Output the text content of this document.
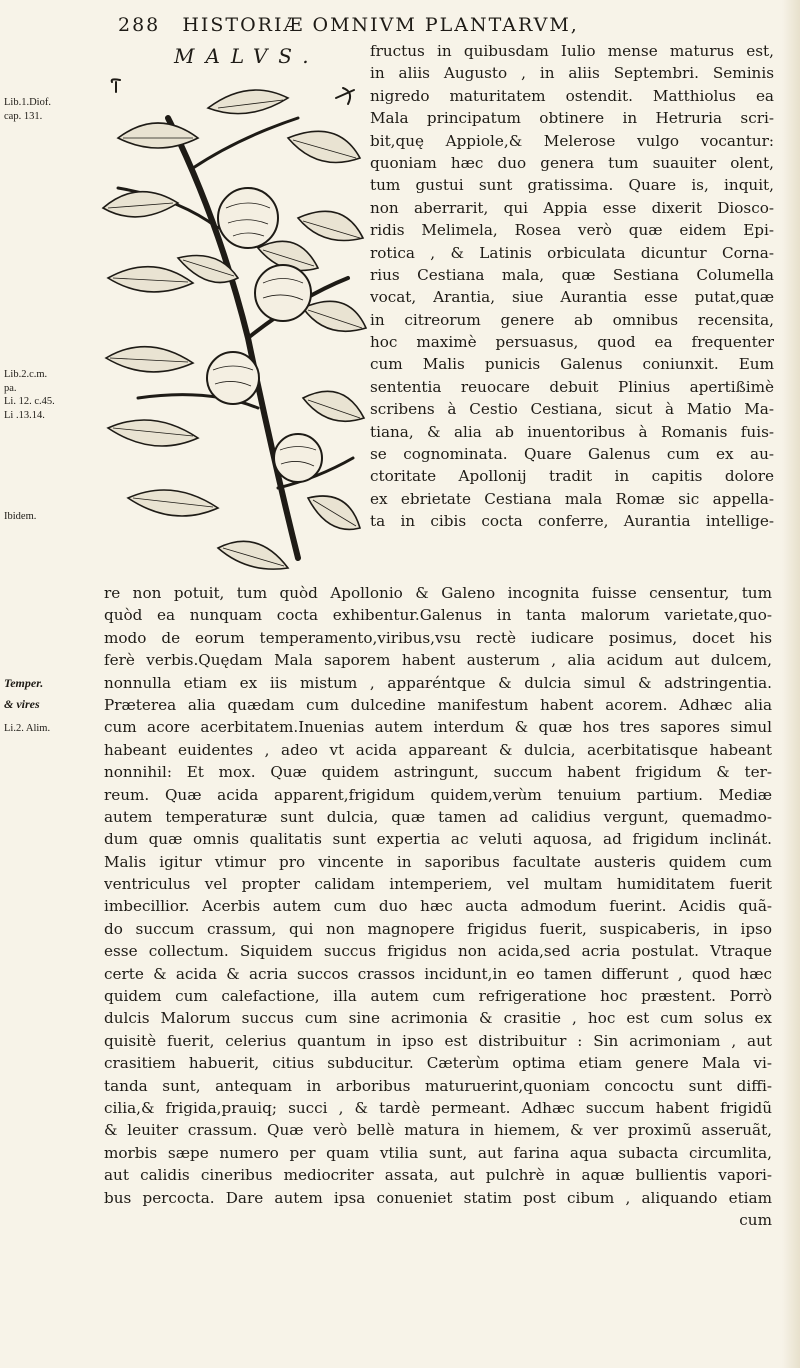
288 HISTORIÆ OMNIVM PLANTARVM,
MALVS.
Lib.1.Diof.
cap. 131.
Lib.2.c.m.
pa.
Li. 12. c.45.
Li .13.14.
Ibidem.
Temper.
& vires
Li.2. Alim.
fructus in quibusdam Iulio mense maturus est,
in aliis Augusto , in aliis Septembri. Seminis
nigredo maturitatem ostendit. Matthiolus ea
Mala principatum obtinere in Hetruria scri-
bit,quę Appiole,& Melerose vulgo vocantur:
quoniam hæc duo genera tum suauiter olent,
tum gustui sunt gratissima. Quare is, inquit,
non aberrarit, qui Appia esse dixerit Diosco-
ridis Melimela, Rosea verò quæ eidem Epi-
rotica , & Latinis orbiculata dicuntur Corna-
rius Cestiana mala, quæ Sestiana Columella
vocat, Arantia, siue Aurantia esse putat,quæ
in citreorum genere ab omnibus recensita,
hoc maximè persuasus, quod ea frequenter
cum Malis punicis Galenus coniunxit. Eum
sententia reuocare debuit Plinius apertißimè
scribens à Cestio Cestiana, sicut à Matio Ma-
tiana, & alia ab inuentoribus à Romanis fuis-
se cognominata. Quare Galenus cum ex au-
ctoritate Apollonij tradit in capitis dolore
ex ebrietate Cestiana mala Romæ sic appella-
ta in cibis cocta conferre, Aurantia intellige-
re non potuit, tum quòd Apollonio & Galeno incognita fuisse censentur, tum
quòd ea nunquam cocta exhibentur.Galenus in tanta malorum varietate,quo-
modo de eorum temperamento,viribus,vsu rectè iudicare posimus, docet his
ferè verbis.Quędam Mala saporem habent austerum , alia acidum aut dulcem,
nonnulla etiam ex iis mistum , apparéntque & dulcia simul & adstringentia.
Præterea alia quædam cum dulcedine manifestum habent acorem. Adhæc alia
cum acore acerbitatem.Inuenias autem interdum & quæ hos tres sapores simul
habeant euidentes , adeo vt acida appareant & dulcia, acerbitatisque habeant
nonnihil: Et mox. Quæ quidem astringunt, succum habent frigidum & ter-
reum. Quæ acida apparent,frigidum quidem,verùm tenuium partium. Mediæ
autem temperaturæ sunt dulcia, quæ tamen ad calidius vergunt, quemadmo-
dum quæ omnis qualitatis sunt expertia ac veluti aquosa, ad frigidum inclinát.
Malis igitur vtimur pro vincente in saporibus facultate austeris quidem cum
ventriculus vel propter calidam intemperiem, vel multam humiditatem fuerit
imbecillior. Acerbis autem cum duo hæc aucta admodum fuerint. Acidis quã-
do succum crassum, qui non magnopere frigidus fuerit, suspicaberis, in ipso
esse collectum. Siquidem succus frigidus non acida,sed acria postulat. Vtraque
certe & acida & acria succos crassos incidunt,in eo tamen differunt , quod hæc
quidem cum calefactione, illa autem cum refrigeratione hoc præstent. Porrò
dulcis Malorum succus cum sine acrimonia & crasitie , hoc est cum solus ex
quisitè fuerit, celerius quantum in ipso est distribuitur : Sin acrimoniam , aut
crasitiem habuerit, citius subducitur. Cæterùm optima etiam genere Mala vi-
tanda sunt, antequam in arboribus maturuerint,quoniam concoctu sunt diffi-
cilia,& frigida,prauiq; succi , & tardè permeant. Adhæc succum habent frigidũ
& leuiter crassum. Quæ verò bellè matura in hiemem, & ver proximũ asseruãt,
morbis sæpe numero per quam vtilia sunt, aut farina aqua subacta circumlita,
aut calidis cineribus mediocriter assata, aut pulchrè in aquæ bullientis vapori-
bus percocta. Dare autem ipsa conueniet statim post cibum , aliquando etiam
cum
